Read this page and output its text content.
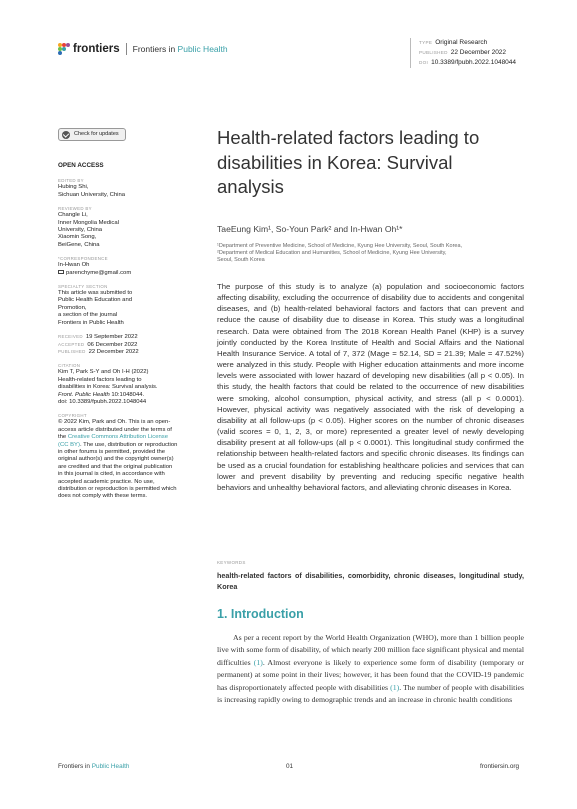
frontiers Frontiers in Public Health
TYPE Original Research
PUBLISHED 22 December 2022
DOI 10.3389/fpubh.2022.1048044
Check for updates
OPEN ACCESS
EDITED BY
Hubing Shi,
Sichuan University, China
REVIEWED BY
Changle Li,
Inner Mongolia Medical
University, China
Xiaomin Song,
BeiGene, China
*CORRESPONDENCE
In-Hwan Oh
parenchyme@gmail.com
SPECIALTY SECTION
This article was submitted to
Public Health Education and
Promotion,
a section of the journal
Frontiers in Public Health
RECEIVED 19 September 2022
ACCEPTED 06 December 2022
PUBLISHED 22 December 2022
CITATION
Kim T, Park S-Y and Oh I-H (2022)
Health-related factors leading to
disabilities in Korea: Survival analysis.
Front. Public Health 10:1048044.
doi: 10.3389/fpubh.2022.1048044
COPYRIGHT
© 2022 Kim, Park and Oh. This is an open-access article distributed under the terms of the Creative Commons Attribution License (CC BY). The use, distribution or reproduction in other forums is permitted, provided the original author(s) and the copyright owner(s) are credited and that the original publication in this journal is cited, in accordance with accepted academic practice. No use, distribution or reproduction is permitted which does not comply with these terms.
Health-related factors leading to disabilities in Korea: Survival analysis
TaeEung Kim¹, So-Youn Park² and In-Hwan Oh¹*
¹Department of Preventive Medicine, School of Medicine, Kyung Hee University, Seoul, South Korea,
²Department of Medical Education and Humanities, School of Medicine, Kyung Hee University,
Seoul, South Korea

The purpose of this study is to analyze (a) population and socioeconomic factors affecting disability, excluding the occurrence of disability due to accidents and congenital diseases, and (b) health-related behavioral factors and factors that can prevent and reduce the cause of disability due to disease in Korea. This study was a longitudinal research. Data were obtained from The 2018 Korean Health Panel (KHP) is a survey jointly conducted by the Korea Institute of Health and Social Affairs and the National Health Insurance Service. A total of 7, 372 (Mage = 52.14, SD = 21.39; Male = 47.52%) were analyzed in this study. People with Higher education attainments and more income levels were associated with lower hazard of developing new disabilities (all p < 0.05). In this study, the health factors that could be related to the occurrence of new disabilities were smoking, alcohol consumption, physical activity, and stress (all p < 0.0001). However, physical activity was negatively associated with the risk of developing a disability at all follow-ups (p < 0.05). Higher scores on the number of chronic diseases (valid scores = 0, 1, 2, 3, or more) represented a greater level of newly developing disability present at all follow-ups (all p < 0.0001). This longitudinal study confirmed the relationship between health-related factors and specific chronic diseases. Its findings can be used as a crucial foundation for establishing healthcare policies and services that can lower and prevent disability by preventing and reducing specific negative health behaviors and unhealthy behavioral factors, and alleviating chronic diseases in Korea.

KEYWORDS
health-related factors of disabilities, comorbidity, chronic diseases, longitudinal study, Korea
1. Introduction

As per a recent report by the World Health Organization (WHO), more than 1 billion people live with some form of disability, of which nearly 200 million face significant physical and mental difficulties (1). Almost everyone is likely to experience some form of disability (temporary or permanent) at some point in their lives; however, it has been found that the COVID-19 pandemic has disproportionately affected people with disabilities (1). The number of people with disabilities is increasing rapidly owing to demographic trends and an increase in chronic health conditions

Frontiers in Public Health	01	frontiersin.org
